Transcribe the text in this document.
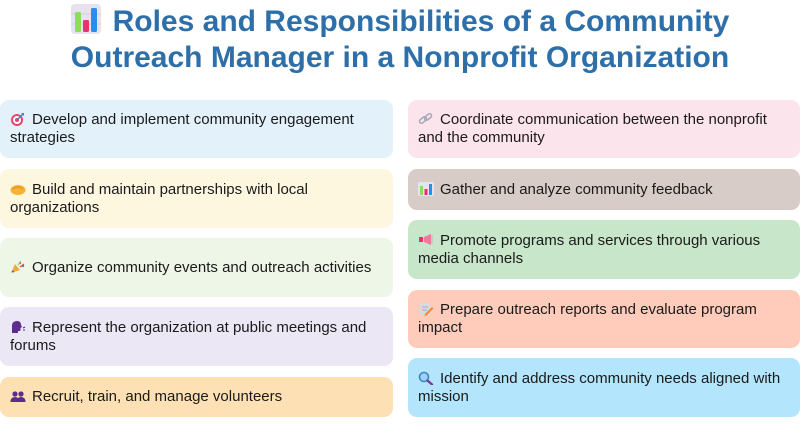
Roles and Responsibilities of a Community
Outreach Manager in a Nonprofit Organization
Develop and implement community engagement strategies
Build and maintain partnerships with local organizations
Organize community events and outreach activities
Represent the organization at public meetings and forums
Recruit, train, and manage volunteers
Coordinate communication between the nonprofit and the community
Gather and analyze community feedback
Promote programs and services through various media channels
Prepare outreach reports and evaluate program impact
Identify and address community needs aligned with mission
